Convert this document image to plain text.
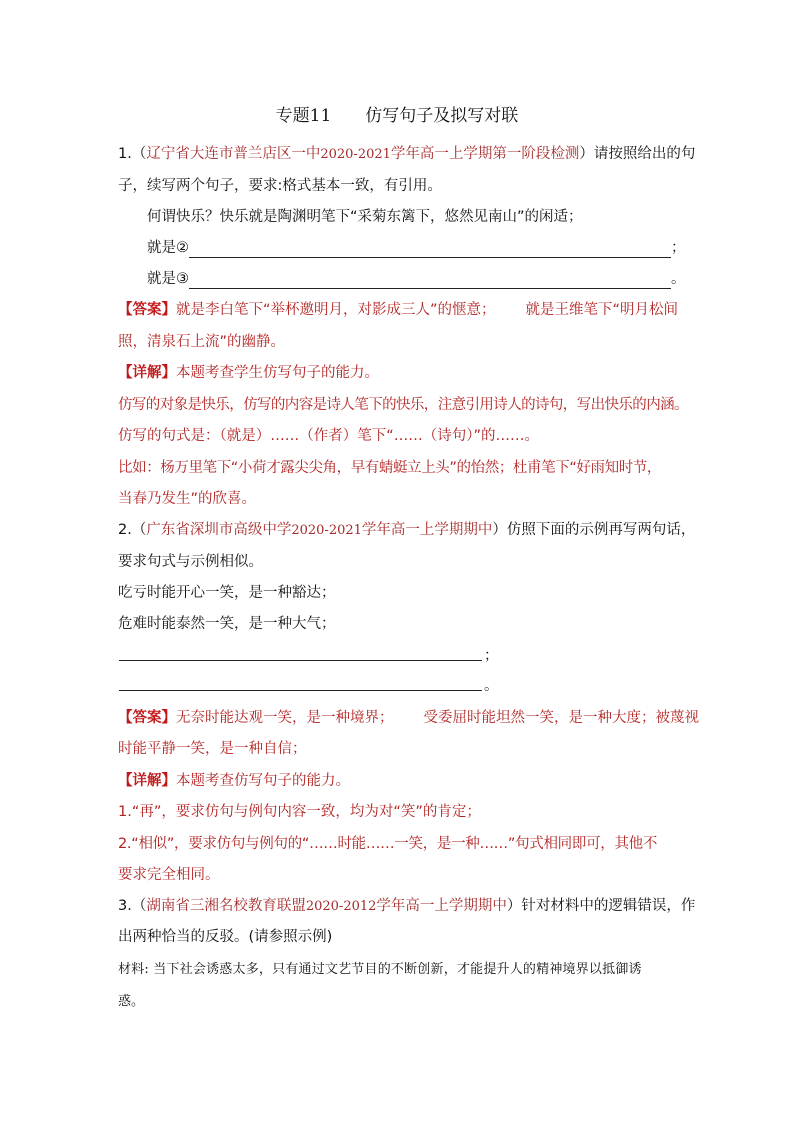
专题11　　仿写句子及拟写对联
1.（辽宁省大连市普兰店区一中2020-2021学年高一上学期第一阶段检测）请按照给出的句
子，续写两个句子，要求:格式基本一致，有引用。
何谓快乐？快乐就是陶渊明笔下“采菊东篱下，悠然见南山”的闲适；
就是②	；
就是③	。
【答案】就是李白笔下“举杯邀明月，对影成三人”的惬意； 就是王维笔下“明月松间
照，清泉石上流”的幽静。
【详解】本题考查学生仿写句子的能力。
仿写的对象是快乐，仿写的内容是诗人笔下的快乐，注意引用诗人的诗句，写出快乐的内涵。
仿写的句式是：（就是）……（作者）笔下“……（诗句）”的……。
比如：杨万里笔下“小荷才露尖尖角，早有蜻蜓立上头”的怡然；杜甫笔下“好雨知时节，
当春乃发生”的欣喜。
2.（广东省深圳市高级中学2020-2021学年高一上学期期中）仿照下面的示例再写两句话，
要求句式与示例相似。
吃亏时能开心一笑，是一种豁达；
危难时能泰然一笑，是一种大气；
；
。
【答案】无奈时能达观一笑，是一种境界； 受委屈时能坦然一笑，是一种大度；被蔑视
时能平静一笑，是一种自信；
【详解】本题考查仿写句子的能力。
1.“再”，要求仿句与例句内容一致，均为对“笑”的肯定；
2.“相似”，要求仿句与例句的“……时能……一笑，是一种……”句式相同即可，其他不
要求完全相同。
3.（湖南省三湘名校教育联盟2020-2012学年高一上学期期中）针对材料中的逻辑错误，作
出两种恰当的反驳。(请参照示例)
材料: 当下社会诱惑太多，只有通过文艺节目的不断创新，才能提升人的精神境界以抵御诱
惑。
